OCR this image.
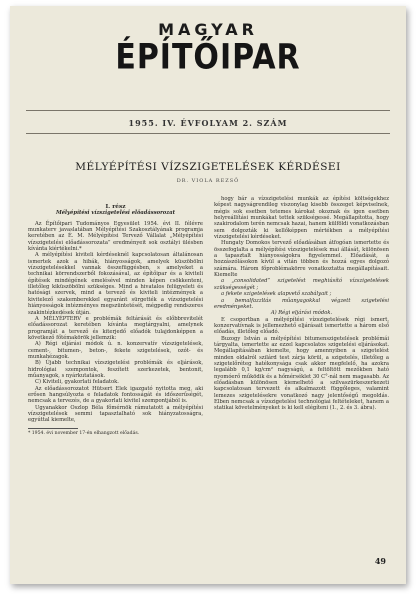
MAGYAR
ÉPÍTŐIPAR
1955. IV. ÉVFOLYAM 2. SZÁM
MÉLYÉPÍTÉSI VÍZSZIGETELÉSEK KÉRDÉSEI
DR. VIOLA REZSŐ

I. rész

Mélyépítési vízszigetelési előadássorozat

Az Építőipari Tudományos Egyesület 1954. évi II. félévre munkaterv javaslatában Mélyépítési Szakosztályának programja keretében az É. M. Mélyépítési Tervező Vállalat „Mélyépítési vízszigetelési előadássorozata” eredményeit sok osztályi ülésben kívánta kiértékelni.*

A mélyépítési kiviteli kérdéseknél kapcsolatosan általánosan ismertek azok a hibák, hiányosságok, amelyek küszöbölni vízszigetelésekkel vannak összefüggésben, s amelyeket a technikai körrendszerből fokozásával, az építőipar és a kiviteli építések mindégének emelésével minden képen csökkenteni, illetőleg kiküszöbölni szükséges. Mind a hivatalos felügyeleti és hatósági szervek, mind a tervező és kiviteli intézmények a kivitelező szakemberekkel egyaránt sürgették a vízszigetelési hiányosságok intézményes megszüntetését, mégpedig rendszeres szakintézkedések útján.

A MÉLYÉPTERV e problémák feltárását és előbbrevitelét előadássorozat keretében kívánta megtárgyalni, amelynek programját a tervező és kiterjedő előadók tulajdonképpen a következő főtémakörök jellemzik:

A) Régi eljárási módok ú. n. konzervatív vízszigetelések, cement-, bitumen-, beton-, fekete szigetelések, ozót- és munkahézagok.

B) Újabb technikai vízszigetelési problémák és eljárások, hidrológiai szempontok, feszített szerkezetek, bentonit, műanyagok, s nyárkutatások.

C) Kiviteli, gyakorlati feladatok.

Az előadássorozatot Hütsert Elek igazgató nyitotta meg, aki erősen hangsúlyozta e feladatok fontosságát és időszerűségét, nemcsak a tervezés, de a gyakorlati kivitel szempontjából is.

Ugyanakkor Oszlop Béla főmérnök rámutatott a mélyépítési vízszigetelések semmi tapasztalható sok hiányzatosságra, egyúttal kiemelte,

* 1954. évi november 17-én elhangzott előadás.

hogy bár a vízszigetelési munkák az építési költségekhez képest nagyságrendileg viszonylag kisebb összeget képviselnek, mégis sok esetben tetemes károkat okoznak és igen esetben helyreállítási munkákat tettek szükségessé. Megállapította, hogy szakirodalom terén nemcsak hazai, hanem külföldi vonatkozásban sem dolgozták ki kellőképpen mértékben a mélyépítési vízszigetelési kérdéseket.

Hungaty Domokos tervező előadásában átfogóan ismertette és összefoglalta a mélyépítési vízszigetelések mai állását, különösen a tapasztalt hiányosságokra figyelemmel. Előadását, a hozzászólásokon kívül a vitán többen és hozzá egyes dolgozó számára. Három főproblémakörre vonatkoztatta megállapításait. Kiemelte

a „consolidated” szigetelést meghiúsító vízszigetelések szükségességét ;

a fekete szigetelések alapvető szabályait ;

a bemalfazzltás műanyagokkal végzett szigetelési eredményeket.

A) Régi eljárási módok.

E csoportban a mélyépítési vízszigetelések régi ismert, konzervatívnak is jellemezhető eljárásait ismertette a három első előadás, illetőleg előadó.

Buzogy István a mélyépítési bitumenszigetelések problémái tárgyalta, ismertette az ezzel kapcsolatos szigetelési eljárásokat. Megállapításában kiemelte, hogy amennyiben a szigetelést minden oldalról szilárd test zárja körül, a szigetelés, illetőleg a szigetelőréteg hatékonysága csak akkor megfelelő, ha azokra legalább 0,1 kg/cm² nagyságú, a feltöltött mezőkben ható nyomóerő működik és a hőmérséklet 30 C°-nál nem magasabb. Az előadásban különösen kiemelhető a szilvaszürkeszerkezeti kapcsolatosan tervezett és alkalmazott függőleges, valamint lemezes szigetelésekre vonatkozó nagy jelentőségű megoldás. Elben nemcsak a vízszigetelési technológiai feltételeket, hanem a statikai követelményeket is ki kell elégíteni (1., 2. és 3. ábra).

49
